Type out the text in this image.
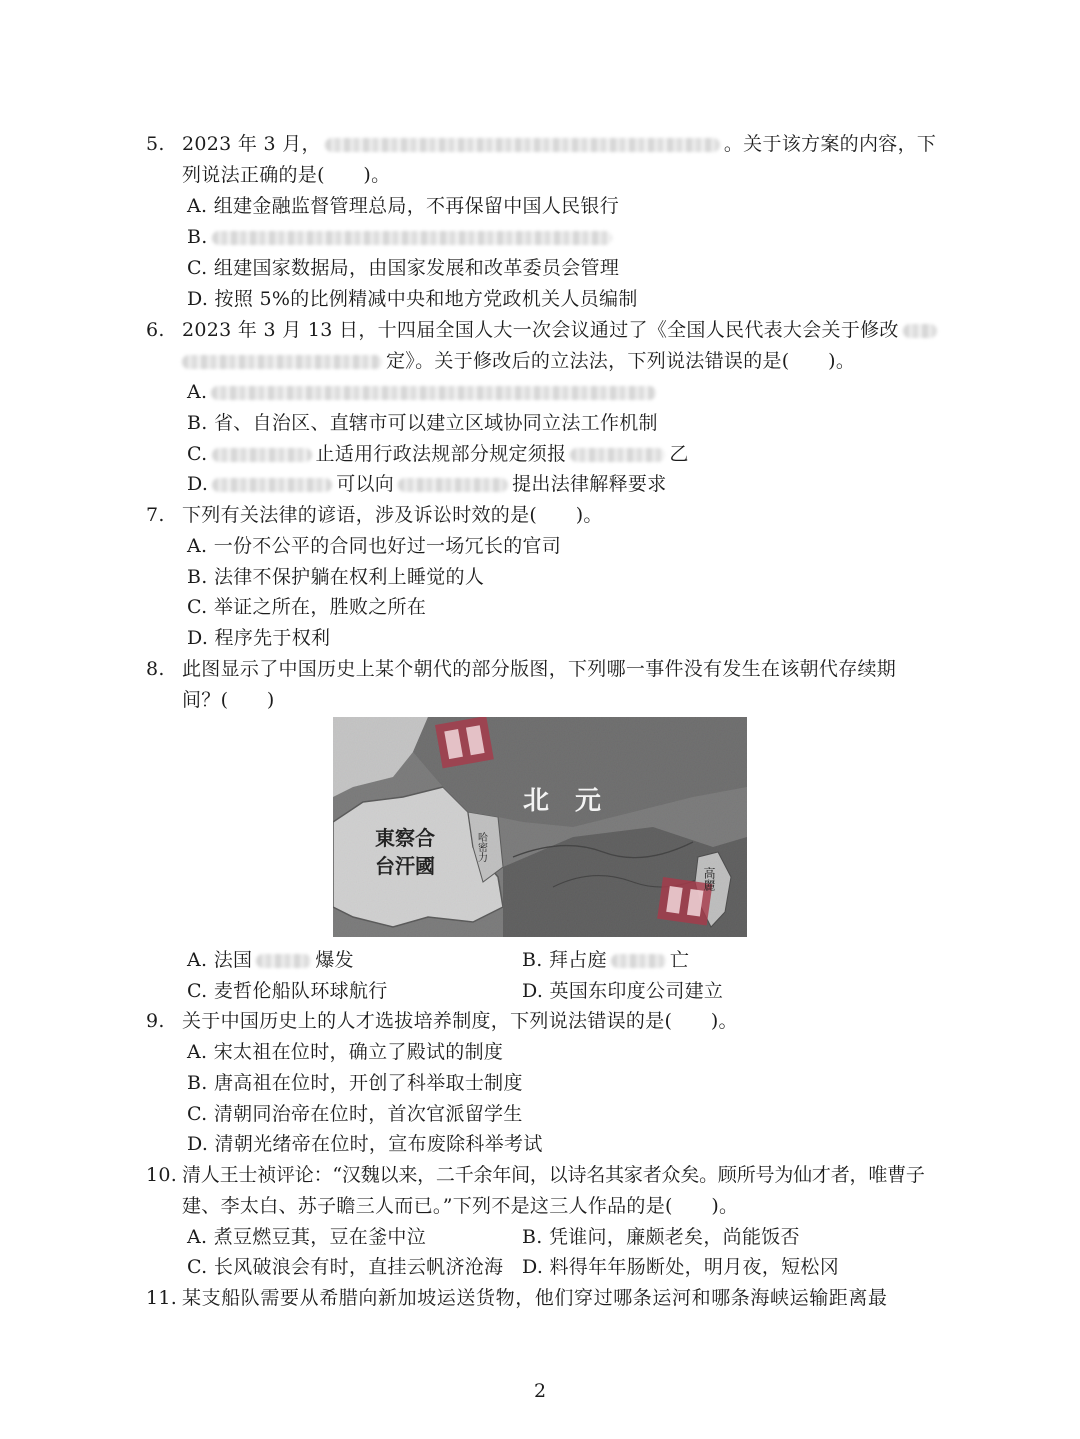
5. 2023 年 3 月，	。关于该方案的内容，下
列说法正确的是(　　)。
A. 组建金融监督管理总局，不再保留中国人民银行
B.
C. 组建国家数据局，由国家发展和改革委员会管理
D. 按照 5%的比例精减中央和地方党政机关人员编制
6. 2023 年 3 月 13 日，十四届全国人大一次会议通过了《全国人民代表大会关于修改
定》。关于修改后的立法法，下列说法错误的是(　　)。
A.
B. 省、自治区、直辖市可以建立区域协同立法工作机制
C.	止适用行政法规部分规定须报	乙
D.	可以向	提出法律解释要求
7. 下列有关法律的谚语，涉及诉讼时效的是(　　)。
A. 一份不公平的合同也好过一场冗长的官司
B. 法律不保护躺在权利上睡觉的人
C. 举证之所在，胜败之所在
D. 程序先于权利
8. 此图显示了中国历史上某个朝代的部分版图，下列哪一事件没有发生在该朝代存续期
间？(　　)
北　元
東察合
台汗國
哈密力
高麗
A. 法国	爆发	B. 拜占庭	亡
C. 麦哲伦船队环球航行	D. 英国东印度公司建立
9. 关于中国历史上的人才选拔培养制度，下列说法错误的是(　　)。
A. 宋太祖在位时，确立了殿试的制度
B. 唐高祖在位时，开创了科举取士制度
C. 清朝同治帝在位时，首次官派留学生
D. 清朝光绪帝在位时，宣布废除科举考试
10. 清人王士祯评论：“汉魏以来，二千余年间，以诗名其家者众矣。顾所号为仙才者，唯曹子
建、李太白、苏子瞻三人而已。”下列不是这三人作品的是(　　)。
A. 煮豆燃豆萁，豆在釜中泣	B. 凭谁问，廉颇老矣，尚能饭否
C. 长风破浪会有时，直挂云帆济沧海 D. 料得年年肠断处，明月夜，短松冈
11. 某支船队需要从希腊向新加坡运送货物，他们穿过哪条运河和哪条海峡运输距离最
2
